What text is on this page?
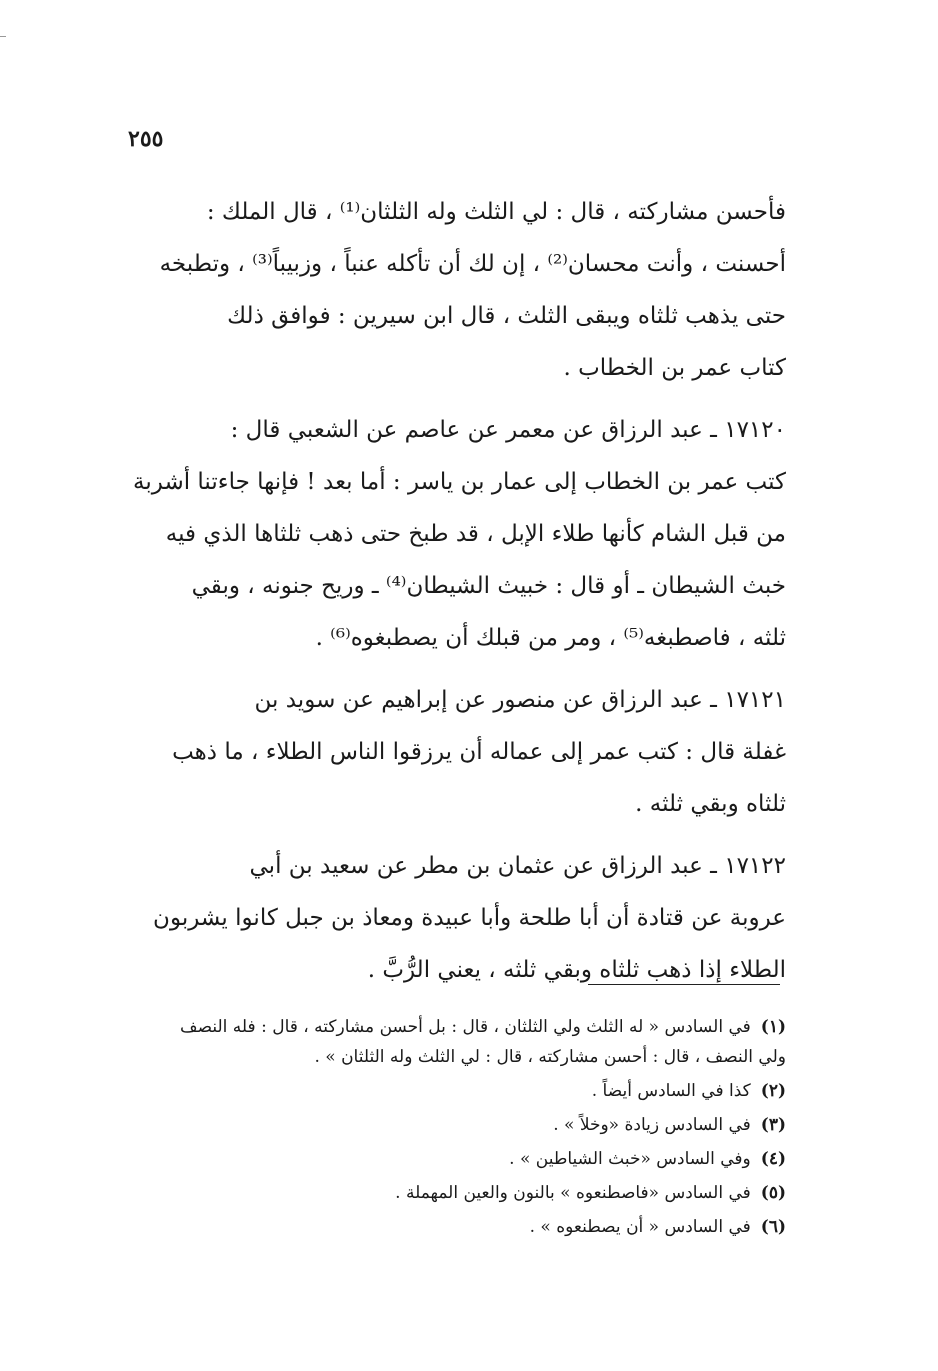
٢٥٥
فأحسن مشاركته ، قال : لي الثلث وله الثلثان⁽¹⁾ ، قال الملك :
أحسنت ، وأنت محسان⁽²⁾ ، إن لك أن تأكله عنباً ، وزبيباً⁽³⁾ ، وتطبخه
حتى يذهب ثلثاه ويبقى الثلث ، قال ابن سيرين : فوافق ذلك
كتاب عمر بن الخطاب .
١٧١٢٠ ـ عبد الرزاق عن معمر عن عاصم عن الشعبي قال :
كتب عمر بن الخطاب إلى عمار بن ياسر : أما بعد ! فإنها جاءتنا أشربة
من قبل الشام كأنها طلاء الإبل ، قد طبخ حتى ذهب ثلثاها الذي فيه
خبث الشيطان ـ أو قال : خبيث الشيطان⁽⁴⁾ ـ وريح جنونه ، وبقي
ثلثه ، فاصطبغه⁽⁵⁾ ، ومر من قبلك أن يصطبغوه⁽⁶⁾ .
١٧١٢١ ـ عبد الرزاق عن منصور عن إبراهيم عن سويد بن
غفلة قال : كتب عمر إلى عماله أن يرزقوا الناس الطلاء ، ما ذهب
ثلثاه وبقي ثلثه .
١٧١٢٢ ـ عبد الرزاق عن عثمان بن مطر عن سعيد بن أبي
عروبة عن قتادة أن أبا طلحة وأبا عبيدة ومعاذ بن جبل كانوا يشربون
الطلاء إذا ذهب ثلثاه وبقي ثلثه ، يعني الرُّبَّ .
(١)في السادس « له الثلث ولي الثلثان ، قال : بل أحسن مشاركته ، قال : فله النصف
ولي النصف ، قال : أحسن مشاركته ، قال : لي الثلث وله الثلثان » .
(٢)كذا في السادس أيضاً .
(٣)في السادس زيادة «وخلاً » .
(٤)وفي السادس «خبث الشياطين » .
(٥)في السادس «فاصطنعوه » بالنون والعين المهملة .
(٦)في السادس « أن يصطنعوه » .
